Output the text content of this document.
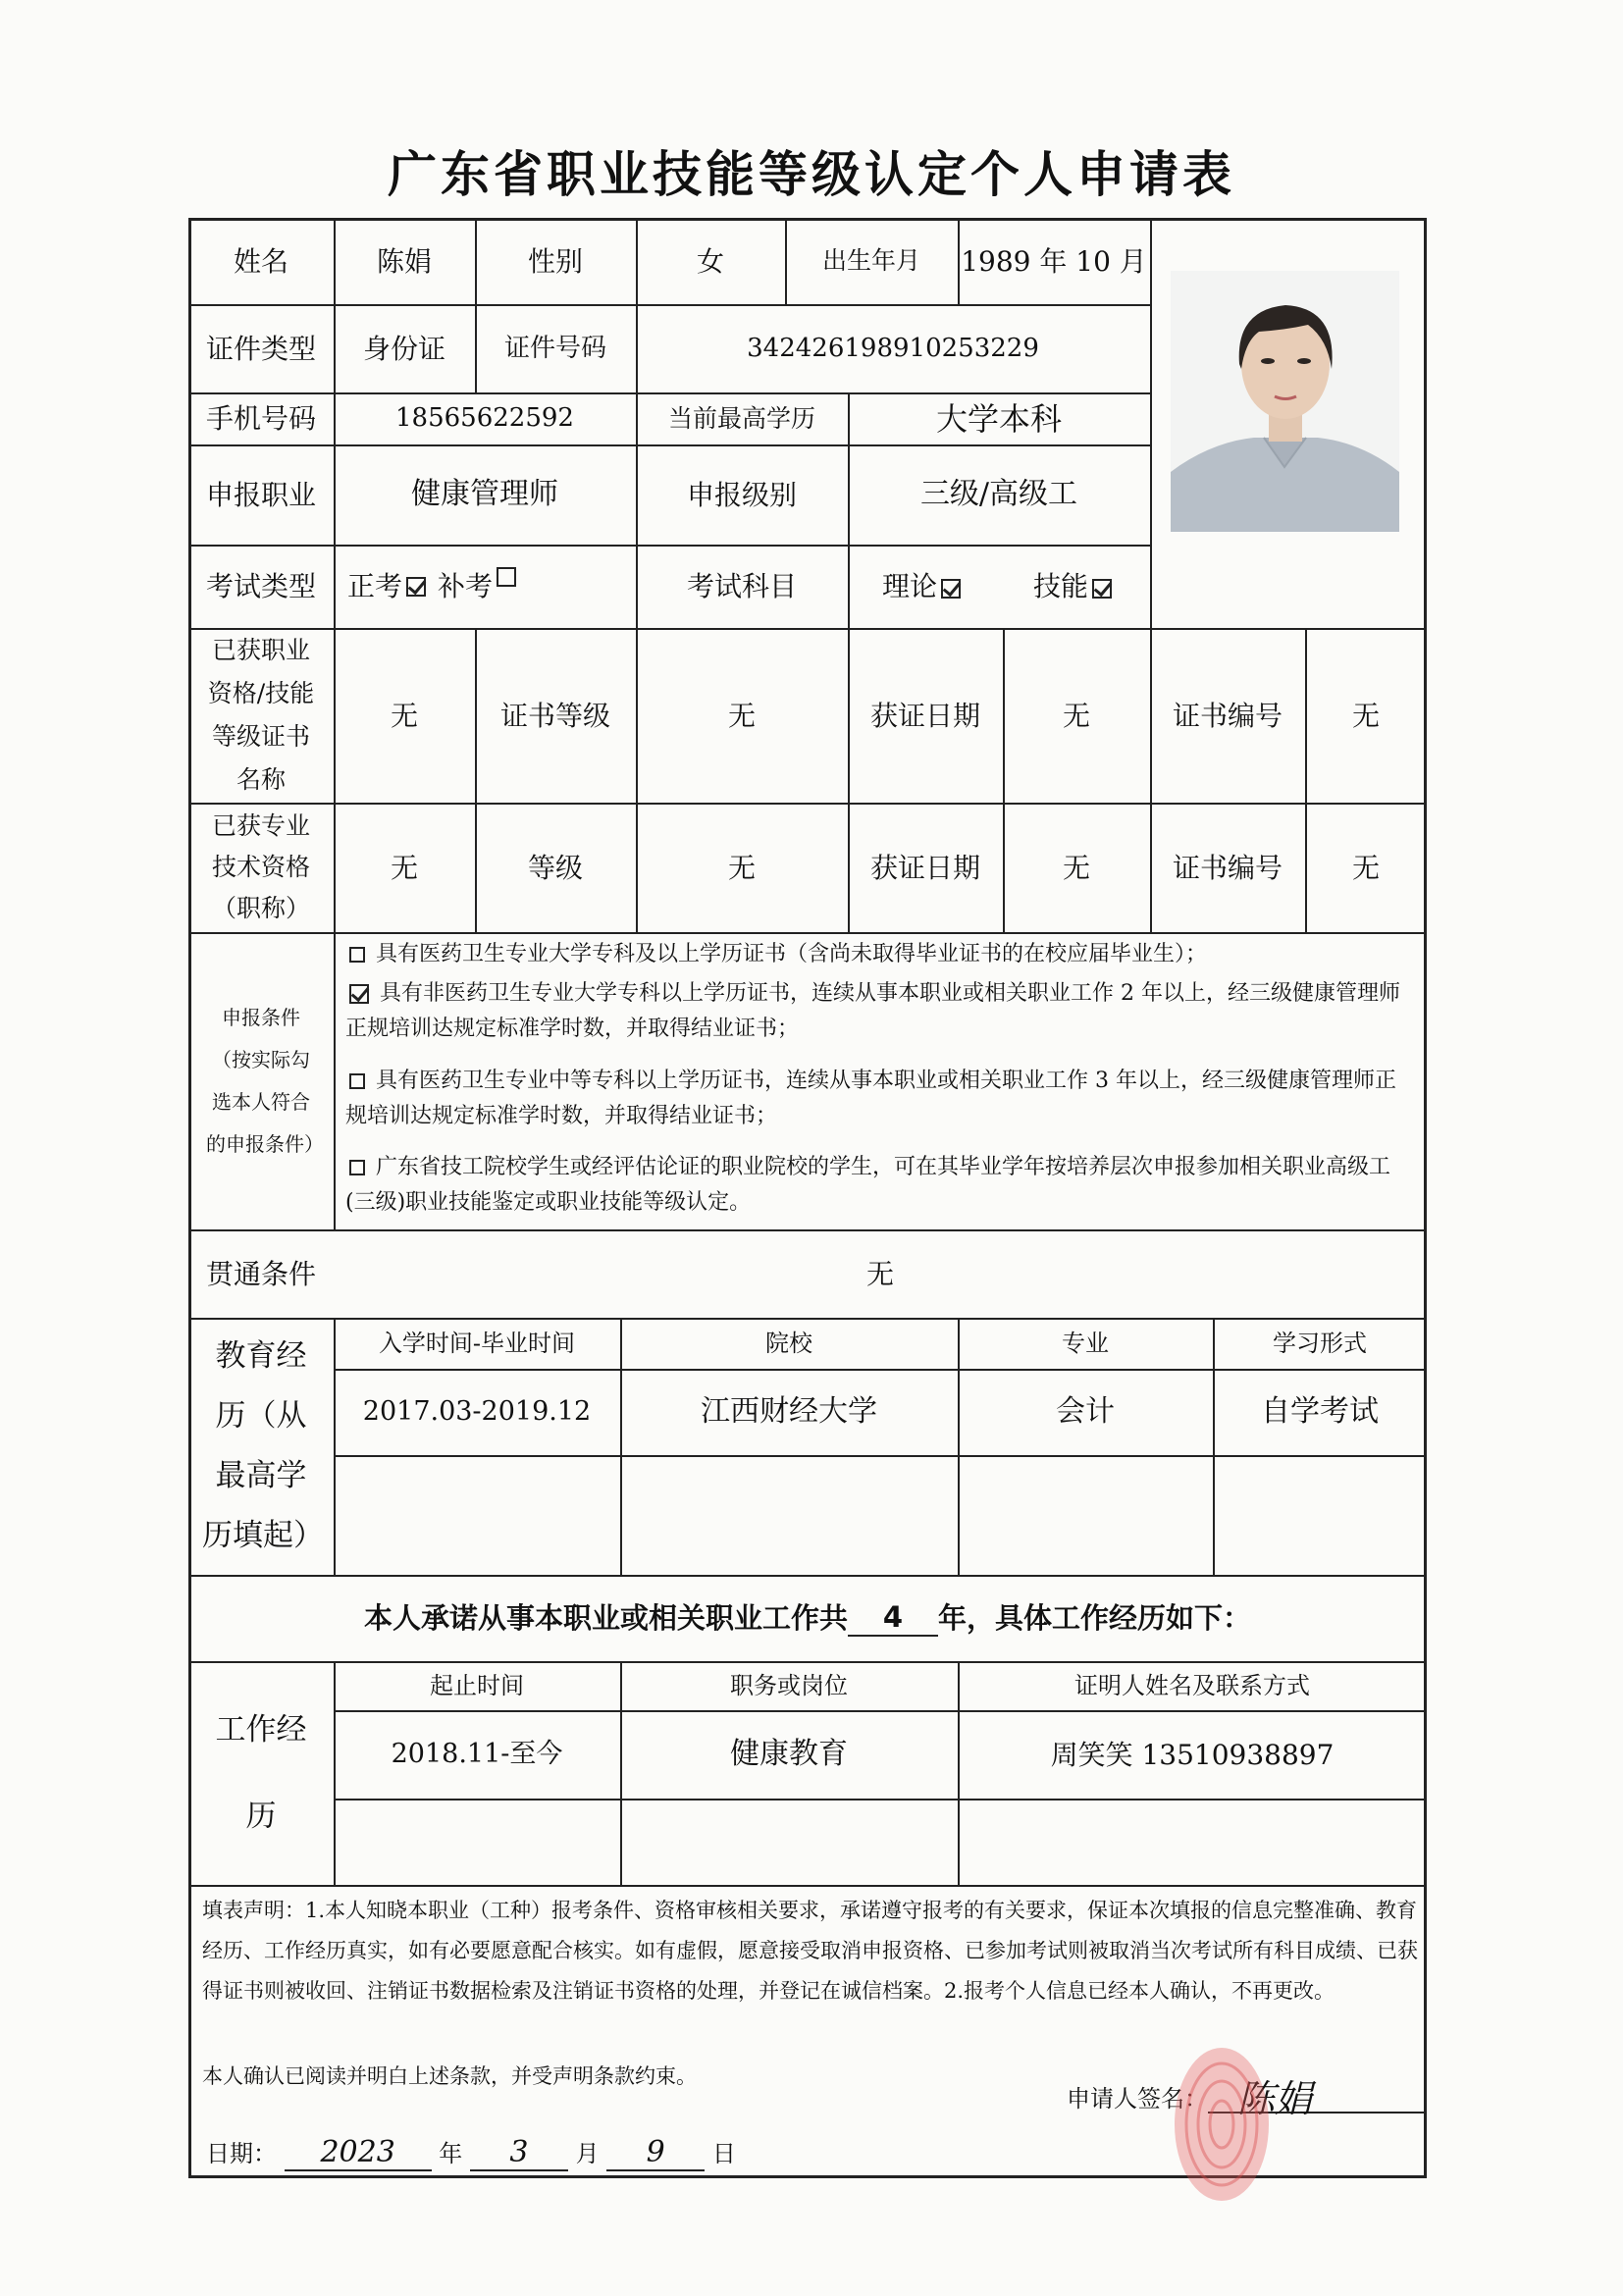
广东省职业技能等级认定个人申请表
姓名	陈娟	性别	女	出生年月	1989 年 10 月
证件类型	身份证	证件号码	342426198910253229
手机号码	18565622592	当前最高学历	大学本科
申报职业	健康管理师	申报级别	三级/高级工
考试类型	正考 补考	考试科目	理论	技能
已获职业资格/技能等级证书名称
无	证书等级	无	获证日期	无	证书编号	无
已获专业技术资格（职称）
无	等级	无	获证日期	无	证书编号	无
申报条件（按实际勾选本人符合的申报条件）
具有医药卫生专业大学专科及以上学历证书（含尚未取得毕业证书的在校应届毕业生）；
具有非医药卫生专业大学专科以上学历证书，连续从事本职业或相关职业工作 2 年以上，经三级健康管理师正规培训达规定标准学时数，并取得结业证书；
具有医药卫生专业中等专科以上学历证书，连续从事本职业或相关职业工作 3 年以上，经三级健康管理师正规培训达规定标准学时数，并取得结业证书；
广东省技工院校学生或经评估论证的职业院校的学生，可在其毕业学年按培养层次申报参加相关职业高级工(三级)职业技能鉴定或职业技能等级认定。
贯通条件	无
教育经历（从最高学历填起）
入学时间-毕业时间	院校	专业	学习形式
2017.03-2019.12	江西财经大学	会计	自学考试
本人承诺从事本职业或相关职业工作共	4	年，具体工作经历如下：
工作经历
起止时间	职务或岗位	证明人姓名及联系方式
2018.11-至今	健康教育	周笑笑 13510938897
填表声明：1.本人知晓本职业（工种）报考条件、资格审核相关要求，承诺遵守报考的有关要求，保证本次填报的信息完整准确、教育经历、工作经历真实，如有必要愿意配合核实。如有虚假，愿意接受取消申报资格、已参加考试则被取消当次考试所有科目成绩、已获得证书则被收回、注销证书数据检索及注销证书资格的处理，并登记在诚信档案。2.报考个人信息已经本人确认，不再更改。
本人确认已阅读并明白上述条款，并受声明条款约束。
申请人签名： 陈娟
日期： 2023 年 3 月 9 日
